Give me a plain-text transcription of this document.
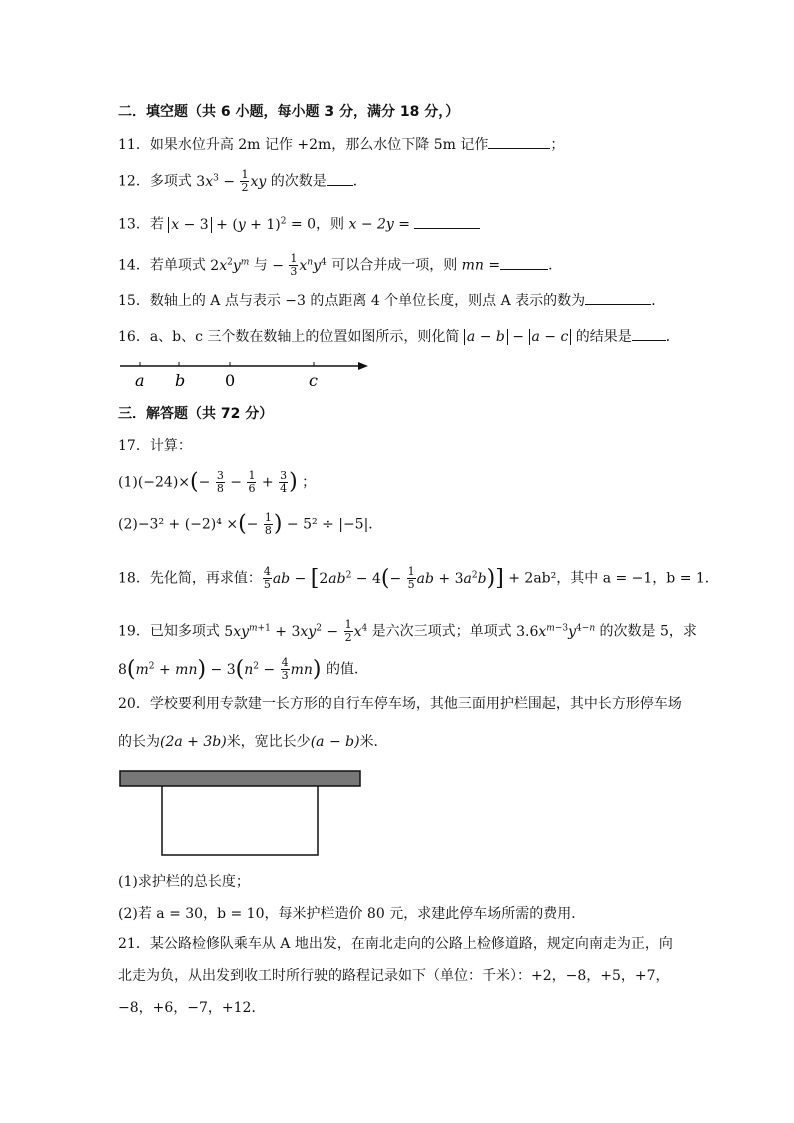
二．填空题（共 6 小题，每小题 3 分，满分 18 分，）
11．如果水位升高 2m 记作 +2m，那么水位下降 5m 记作	；
12．多项式 $3x^3 - \frac{1}{2}$ xy 的次数是 ．
13．若 $x - 3 + (y + 1)^2 = 0$，则 x − 2y =
14．若单项式 $2x^2y^m$ 与 − $\frac{1}{3} x^ny^4$ 可以合并成一项，则 mn =	．
15．数轴上的 A 点与表示 −3 的点距离 4 个单位长度，则点 A 表示的数为	．
16．a、b、c 三个数在数轴上的位置如图所示，则化简 a − b − a − c 的结果是 ．
a b 0	c
三．解答题（共 72 分）
17．计算：
$(1)(-24)\times(- \frac{3}{8} - \frac{1}{6} + \frac{3}{4}$ ) ；
(2)−3² + (−2)⁴ ×(− $\frac{1}{8}$ ) − 5² ÷ |−5|．
18．先化简，再求值： $\frac{4}{5}$ ab − [$2ab^2 - 4(- \frac{1}{5}$ ab + $3a^2b)] + 2ab^2$，其中 a = −1，b = 1．
19．已知多项式 $5xy^{m+1} + 3xy^2 - \frac{1}{2} x^4$ 是六次三项式；单项式 $3.6x^{m-3}y^{4-n}$ 的次数是 5，求
$8(m^2 + mn) - 3(n^2 - \frac{4}{3} mn)$ 的值．
20．学校要利用专款建一长方形的自行车停车场，其他三面用护栏围起，其中长方形停车场
的长为(2a + 3b)米，宽比长少(a − b)米．
(1)求护栏的总长度；
(2)若 a = 30，b = 10，每米护栏造价 80 元，求建此停车场所需的费用．
21．某公路检修队乘车从 A 地出发，在南北走向的公路上检修道路，规定向南走为正，向
北走为负，从出发到收工时所行驶的路程记录如下（单位：千米）：+2，−8，+5，+7，
−8，+6，−7，+12．
